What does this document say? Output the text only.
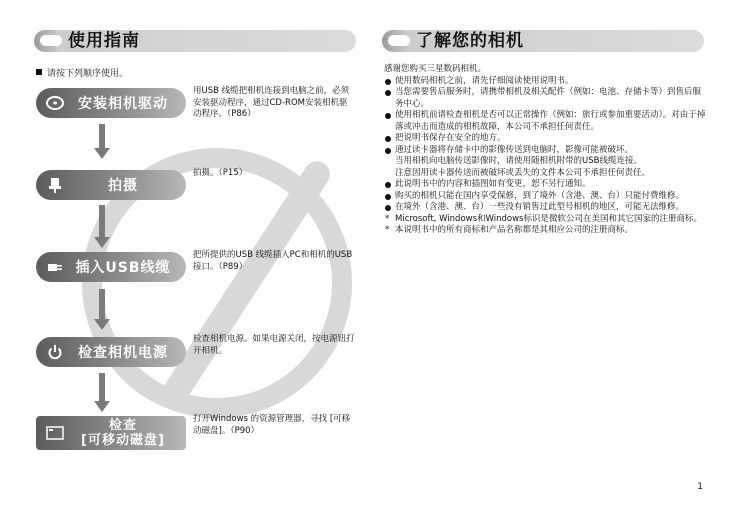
使用指南	了解您的相机
请按下列顺序使用。
安装相机驱动
用USB 线缆把相机连接到电脑之前，必须安装驱动程序，通过CD-ROM安装相机驱动程序。（P86）
拍摄
拍摄。（P15）
插入USB线缆
把所提供的USB 线缆插入PC和相机的USB 接口。（P89）
检查相机电源
检查相机电源。如果电源关闭，按电源钮打开相机。
检查
[可移动磁盘]
打开Windows 的资源管理器，寻找 [可移动磁盘]。（P90）

感谢您购买三星数码相机。

使用数码相机之前，请先仔细阅读使用说明书。

当您需要售后服务时，请携带相机及相关配件（例如：电池、存储卡等）到售后服务中心。

使用相机前请检查相机是否可以正常操作（例如：旅行或参加重要活动）。对由于掉落或冲击而造成的相机故障，本公司不承担任何责任。

把说明书保存在安全的地方。

通过读卡器将存储卡中的影像传送到电脑时，影像可能被破坏。

当用相机向电脑传送影像时，请使用随相机附带的USB线缆连接。

注意因用读卡器传送而被破坏或丢失的文件本公司不承担任何责任。

此说明书中的内容和插图如有变更，恕不另行通知。

购买的相机只能在国内享受保修，到了境外（含港、澳、台）只能付费维修。

在境外（含港、澳、台）一些没有销售过此型号相机的地区，可能无法维修。

* Microsoft, Windows和Windows标识是微软公司在美国和其它国家的注册商标。

* 本说明书中的所有商标和产品名称都是其相应公司的注册商标。

1
